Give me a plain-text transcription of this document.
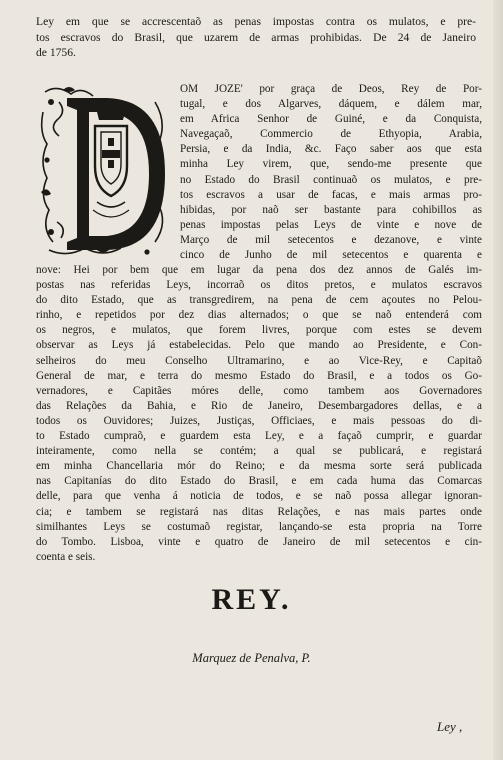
Ley em que se accrescentaõ as penas impostas contra os mulatos, e pre-
tos escravos do Brasil, que uzarem de armas prohibidas. De 24 de Janeiro
de 1756.
OM JOZE' por graça de Deos, Rey de Por-
tugal, e dos Algarves, dáquem, e dálem mar,
em Africa Senhor de Guiné, e da Conquista,
Navegaçaõ, Commercio de Ethyopia, Arabia,
Persia, e da India, &c. Faço saber aos que esta
minha Ley virem, que, sendo-me presente que
no Estado do Brasil continuaõ os mulatos, e pre-
tos escravos a usar de facas, e mais armas pro-
hibidas, por naõ ser bastante para cohibillos as
penas impostas pelas Leys de vinte e nove de
Março de mil setecentos e dezanove, e vinte
cinco de Junho de mil setecentos e quarenta e
nove: Hei por bem que em lugar da pena dos dez annos de Galés im-
postas nas referidas Leys, incorraõ os ditos pretos, e mulatos escravos
do dito Estado, que as transgredirem, na pena de cem açoutes no Pelou-
rinho, e repetidos por dez dias alternados; o que se naõ entenderá com
os negros, e mulatos, que forem livres, porque com estes se devem
observar as Leys já estabelecidas. Pelo que mando ao Presidente, e Con-
selheiros do meu Conselho Ultramarino, e ao Vice-Rey, e Capitaõ
General de mar, e terra do mesmo Estado do Brasil, e a todos os Go-
vernadores, e Capitães móres delle, como tambem aos Governadores
das Relações da Bahia, e Rio de Janeiro, Desembargadores dellas, e a
todos os Ouvidores; Juizes, Justiças, Officiaes, e mais pessoas do di-
to Estado cumpraõ, e guardem esta Ley, e a façaõ cumprir, e guardar
inteiramente, como nella se contém; a qual se publicará, e registará
em minha Chancellaria mór do Reino; e da mesma sorte será publicada
nas Capitanías do dito Estado do Brasil, e em cada huma das Comarcas
delle, para que venha á noticia de todos, e se naõ possa allegar ignoran-
cia; e tambem se registará nas ditas Relações, e nas mais partes onde
similhantes Leys se costumaõ registar, lançando-se esta propria na Torre
do Tombo. Lisboa, vinte e quatro de Janeiro de mil setecentos e cin-
coenta e seis.
REY.
Marquez de Penalva, P.
Ley ,
